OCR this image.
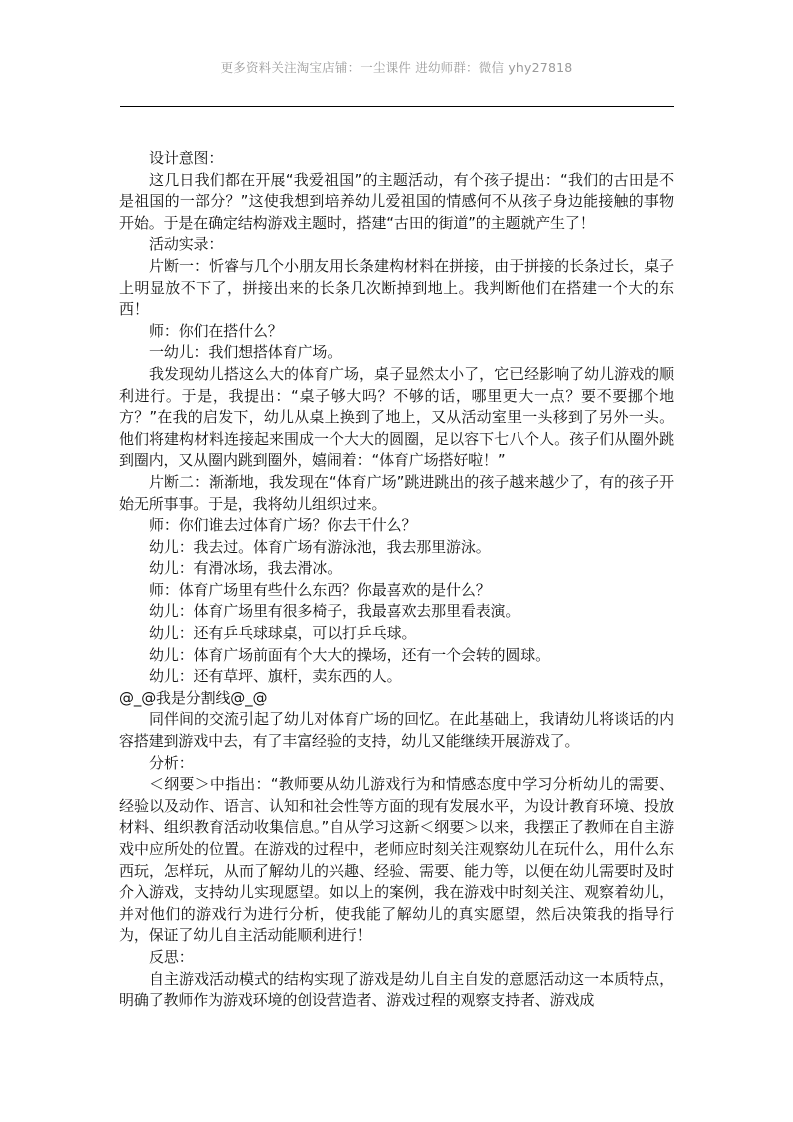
更多资料关注淘宝店铺：一尘课件 进幼师群：微信 yhy27818

设计意图：

这几日我们都在开展“我爱祖国”的主题活动，有个孩子提出：“我们的古田是不是祖国的一部分？”这使我想到培养幼儿爱祖国的情感何不从孩子身边能接触的事物开始。于是在确定结构游戏主题时，搭建“古田的街道”的主题就产生了！

活动实录：

片断一：忻睿与几个小朋友用长条建构材料在拼接，由于拼接的长条过长，桌子上明显放不下了，拼接出来的长条几次断掉到地上。我判断他们在搭建一个大的东西！

师：你们在搭什么？

一幼儿：我们想搭体育广场。

我发现幼儿搭这么大的体育广场，桌子显然太小了，它已经影响了幼儿游戏的顺利进行。于是，我提出：“桌子够大吗？不够的话，哪里更大一点？要不要挪个地方？”在我的启发下，幼儿从桌上换到了地上，又从活动室里一头移到了另外一头。他们将建构材料连接起来围成一个大大的圆圈，足以容下七八个人。孩子们从圈外跳到圈内，又从圈内跳到圈外，嬉闹着：“体育广场搭好啦！”

片断二：渐渐地，我发现在“体育广场”跳进跳出的孩子越来越少了，有的孩子开始无所事事。于是，我将幼儿组织过来。

师：你们谁去过体育广场？你去干什么？

幼儿：我去过。体育广场有游泳池，我去那里游泳。

幼儿：有滑冰场，我去滑冰。

师：体育广场里有些什么东西？你最喜欢的是什么？

幼儿：体育广场里有很多椅子，我最喜欢去那里看表演。

幼儿：还有乒乓球球桌，可以打乒乓球。

幼儿：体育广场前面有个大大的操场，还有一个会转的圆球。

幼儿：还有草坪、旗杆，卖东西的人。

@_@我是分割线@_@

同伴间的交流引起了幼儿对体育广场的回忆。在此基础上，我请幼儿将谈话的内容搭建到游戏中去，有了丰富经验的支持，幼儿又能继续开展游戏了。

分析：

＜纲要＞中指出：“教师要从幼儿游戏行为和情感态度中学习分析幼儿的需要、经验以及动作、语言、认知和社会性等方面的现有发展水平，为设计教育环境、投放材料、组织教育活动收集信息。”自从学习这新＜纲要＞以来，我摆正了教师在自主游戏中应所处的位置。在游戏的过程中，老师应时刻关注观察幼儿在玩什么，用什么东西玩，怎样玩，从而了解幼儿的兴趣、经验、需要、能力等，以便在幼儿需要时及时介入游戏，支持幼儿实现愿望。如以上的案例，我在游戏中时刻关注、观察着幼儿，并对他们的游戏行为进行分析，使我能了解幼儿的真实愿望，然后决策我的指导行为，保证了幼儿自主活动能顺利进行！

反思：

自主游戏活动模式的结构实现了游戏是幼儿自主自发的意愿活动这一本质特点，明确了教师作为游戏环境的创设营造者、游戏过程的观察支持者、游戏成
